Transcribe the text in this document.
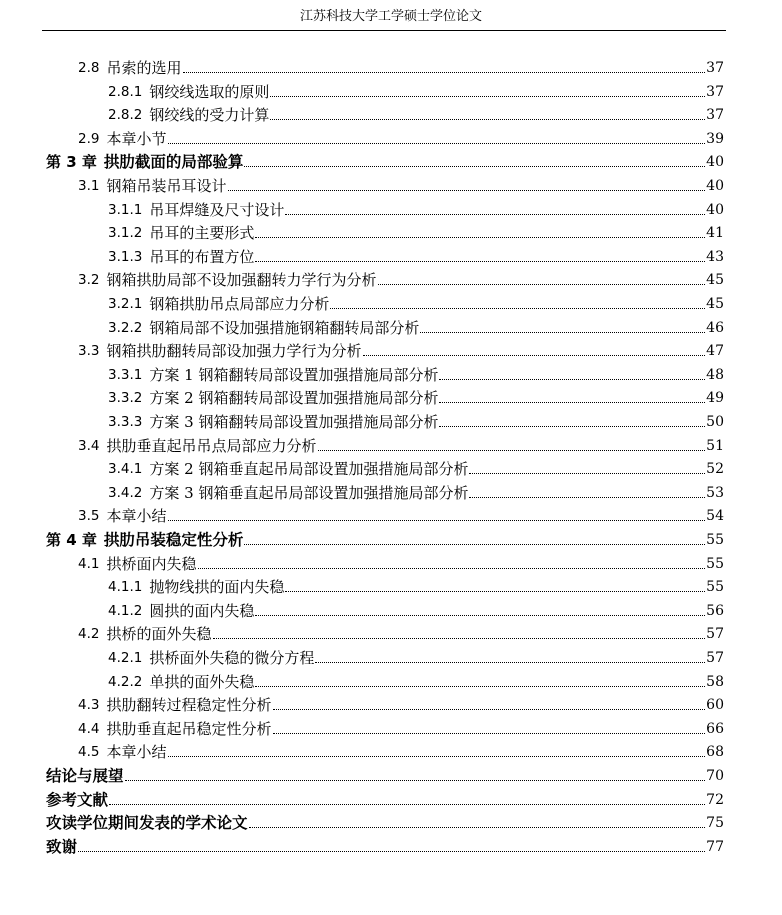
江苏科技大学工学硕士学位论文
2.8 吊索的选用	37
2.8.1 钢绞线选取的原则	37
2.8.2 钢绞线的受力计算	37
2.9 本章小节	39
第 3 章 拱肋截面的局部验算	40
3.1 钢箱吊装吊耳设计	40
3.1.1 吊耳焊缝及尺寸设计	40
3.1.2 吊耳的主要形式	41
3.1.3 吊耳的布置方位	43
3.2 钢箱拱肋局部不设加强翻转力学行为分析	45
3.2.1 钢箱拱肋吊点局部应力分析	45
3.2.2 钢箱局部不设加强措施钢箱翻转局部分析	46
3.3 钢箱拱肋翻转局部设加强力学行为分析	47
3.3.1 方案 1 钢箱翻转局部设置加强措施局部分析	48
3.3.2 方案 2 钢箱翻转局部设置加强措施局部分析	49
3.3.3 方案 3 钢箱翻转局部设置加强措施局部分析	50
3.4 拱肋垂直起吊吊点局部应力分析	51
3.4.1 方案 2 钢箱垂直起吊局部设置加强措施局部分析	52
3.4.2 方案 3 钢箱垂直起吊局部设置加强措施局部分析	53
3.5 本章小结	54
第 4 章 拱肋吊装稳定性分析	55
4.1 拱桥面内失稳	55
4.1.1 抛物线拱的面内失稳	55
4.1.2 圆拱的面内失稳	56
4.2 拱桥的面外失稳	57
4.2.1 拱桥面外失稳的微分方程	57
4.2.2 单拱的面外失稳	58
4.3 拱肋翻转过程稳定性分析	60
4.4 拱肋垂直起吊稳定性分析	66
4.5 本章小结	68
结论与展望	70
参考文献	72
攻读学位期间发表的学术论文	75
致谢	77
